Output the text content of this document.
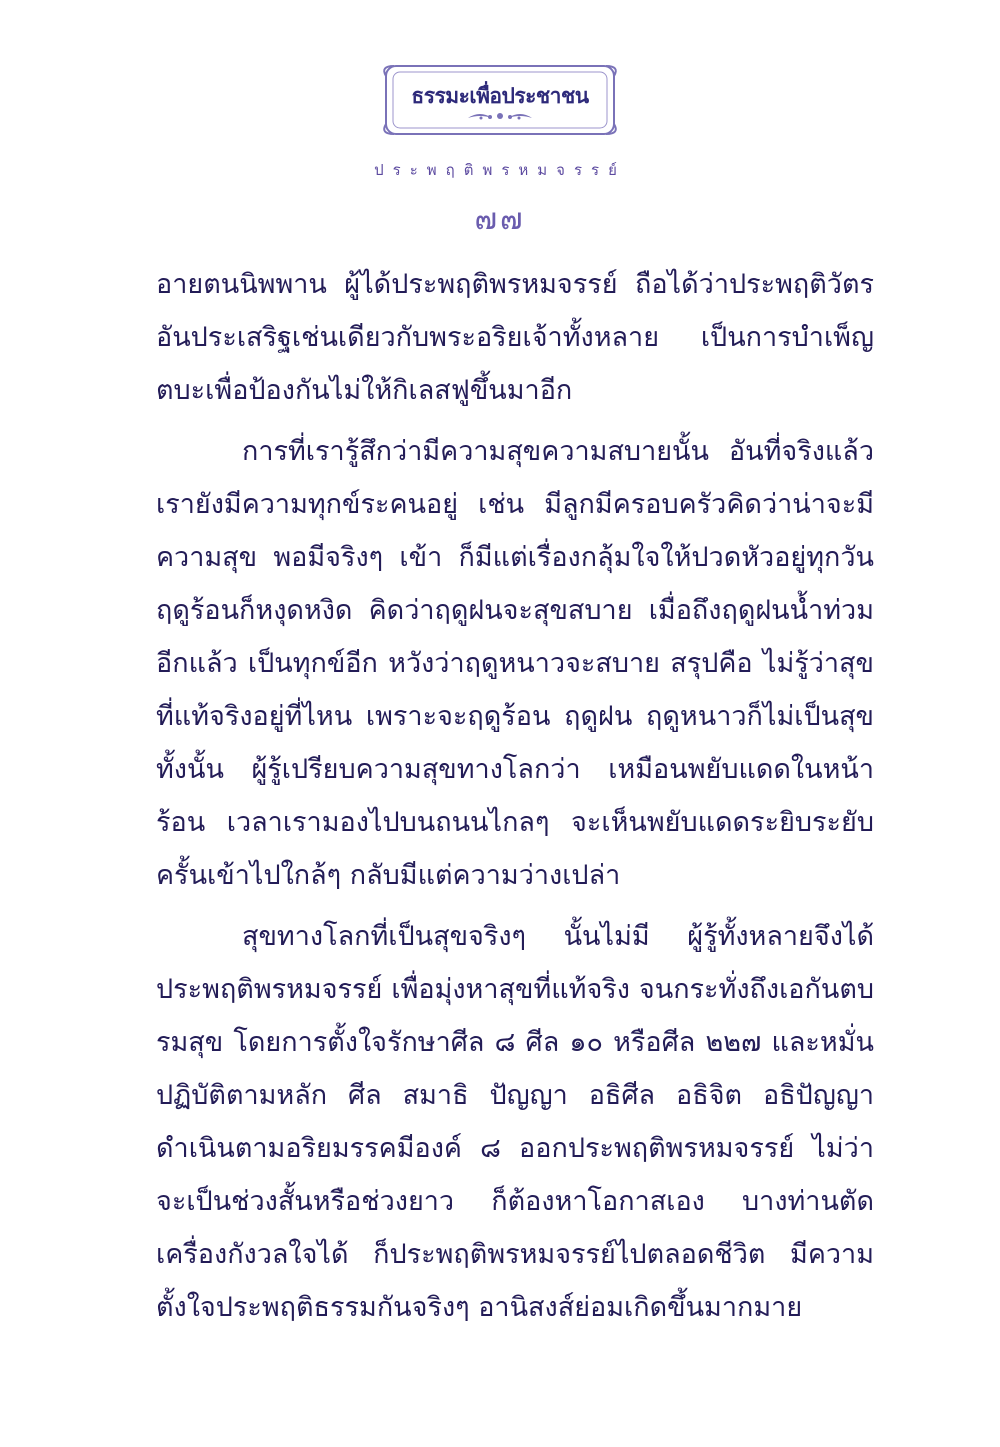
ธรรมะเพื่อประชาชน
ประพฤติพรหมจรรย์
๗๗

อายตนนิพพาน ผู้ได้ประพฤติพรหมจรรย์ ถือได้ว่าประพฤติวัตรอันประเสริฐเช่นเดียวกับพระอริยเจ้าทั้งหลาย เป็นการบำเพ็ญตบะเพื่อป้องกันไม่ให้กิเลสฟูขึ้นมาอีก

การที่เรารู้สึกว่ามีความสุขความสบายนั้น อันที่จริงแล้วเรายังมีความทุกข์ระคนอยู่ เช่น มีลูกมีครอบครัวคิดว่าน่าจะมีความสุข พอมีจริงๆ เข้า ก็มีแต่เรื่องกลุ้มใจให้ปวดหัวอยู่ทุกวัน ฤดูร้อนก็หงุดหงิด คิดว่าฤดูฝนจะสุขสบาย เมื่อถึงฤดูฝนน้ำท่วมอีกแล้ว เป็นทุกข์อีก หวังว่าฤดูหนาวจะสบาย สรุปคือ ไม่รู้ว่าสุขที่แท้จริงอยู่ที่ไหน เพราะจะฤดูร้อน ฤดูฝน ฤดูหนาวก็ไม่เป็นสุขทั้งนั้น ผู้รู้เปรียบความสุขทางโลกว่า เหมือนพยับแดดในหน้าร้อน เวลาเรามองไปบนถนนไกลๆ จะเห็นพยับแดดระยิบระยับ ครั้นเข้าไปใกล้ๆ กลับมีแต่ความว่างเปล่า

สุขทางโลกที่เป็นสุขจริงๆ นั้นไม่มี ผู้รู้ทั้งหลายจึงได้ประพฤติพรหมจรรย์ เพื่อมุ่งหาสุขที่แท้จริง จนกระทั่งถึงเอกันตบรมสุข โดยการตั้งใจรักษาศีล ๘ ศีล ๑๐ หรือศีล ๒๒๗ และหมั่นปฏิบัติตามหลัก ศีล สมาธิ ปัญญา อธิศีล อธิจิต อธิปัญญา ดำเนินตามอริยมรรคมีองค์ ๘ ออกประพฤติพรหมจรรย์ ไม่ว่าจะเป็นช่วงสั้นหรือช่วงยาว ก็ต้องหาโอกาสเอง บางท่านตัดเครื่องกังวลใจได้ ก็ประพฤติพรหมจรรย์ไปตลอดชีวิต มีความตั้งใจประพฤติธรรมกันจริงๆ อานิสงส์ย่อมเกิดขึ้นมากมาย
